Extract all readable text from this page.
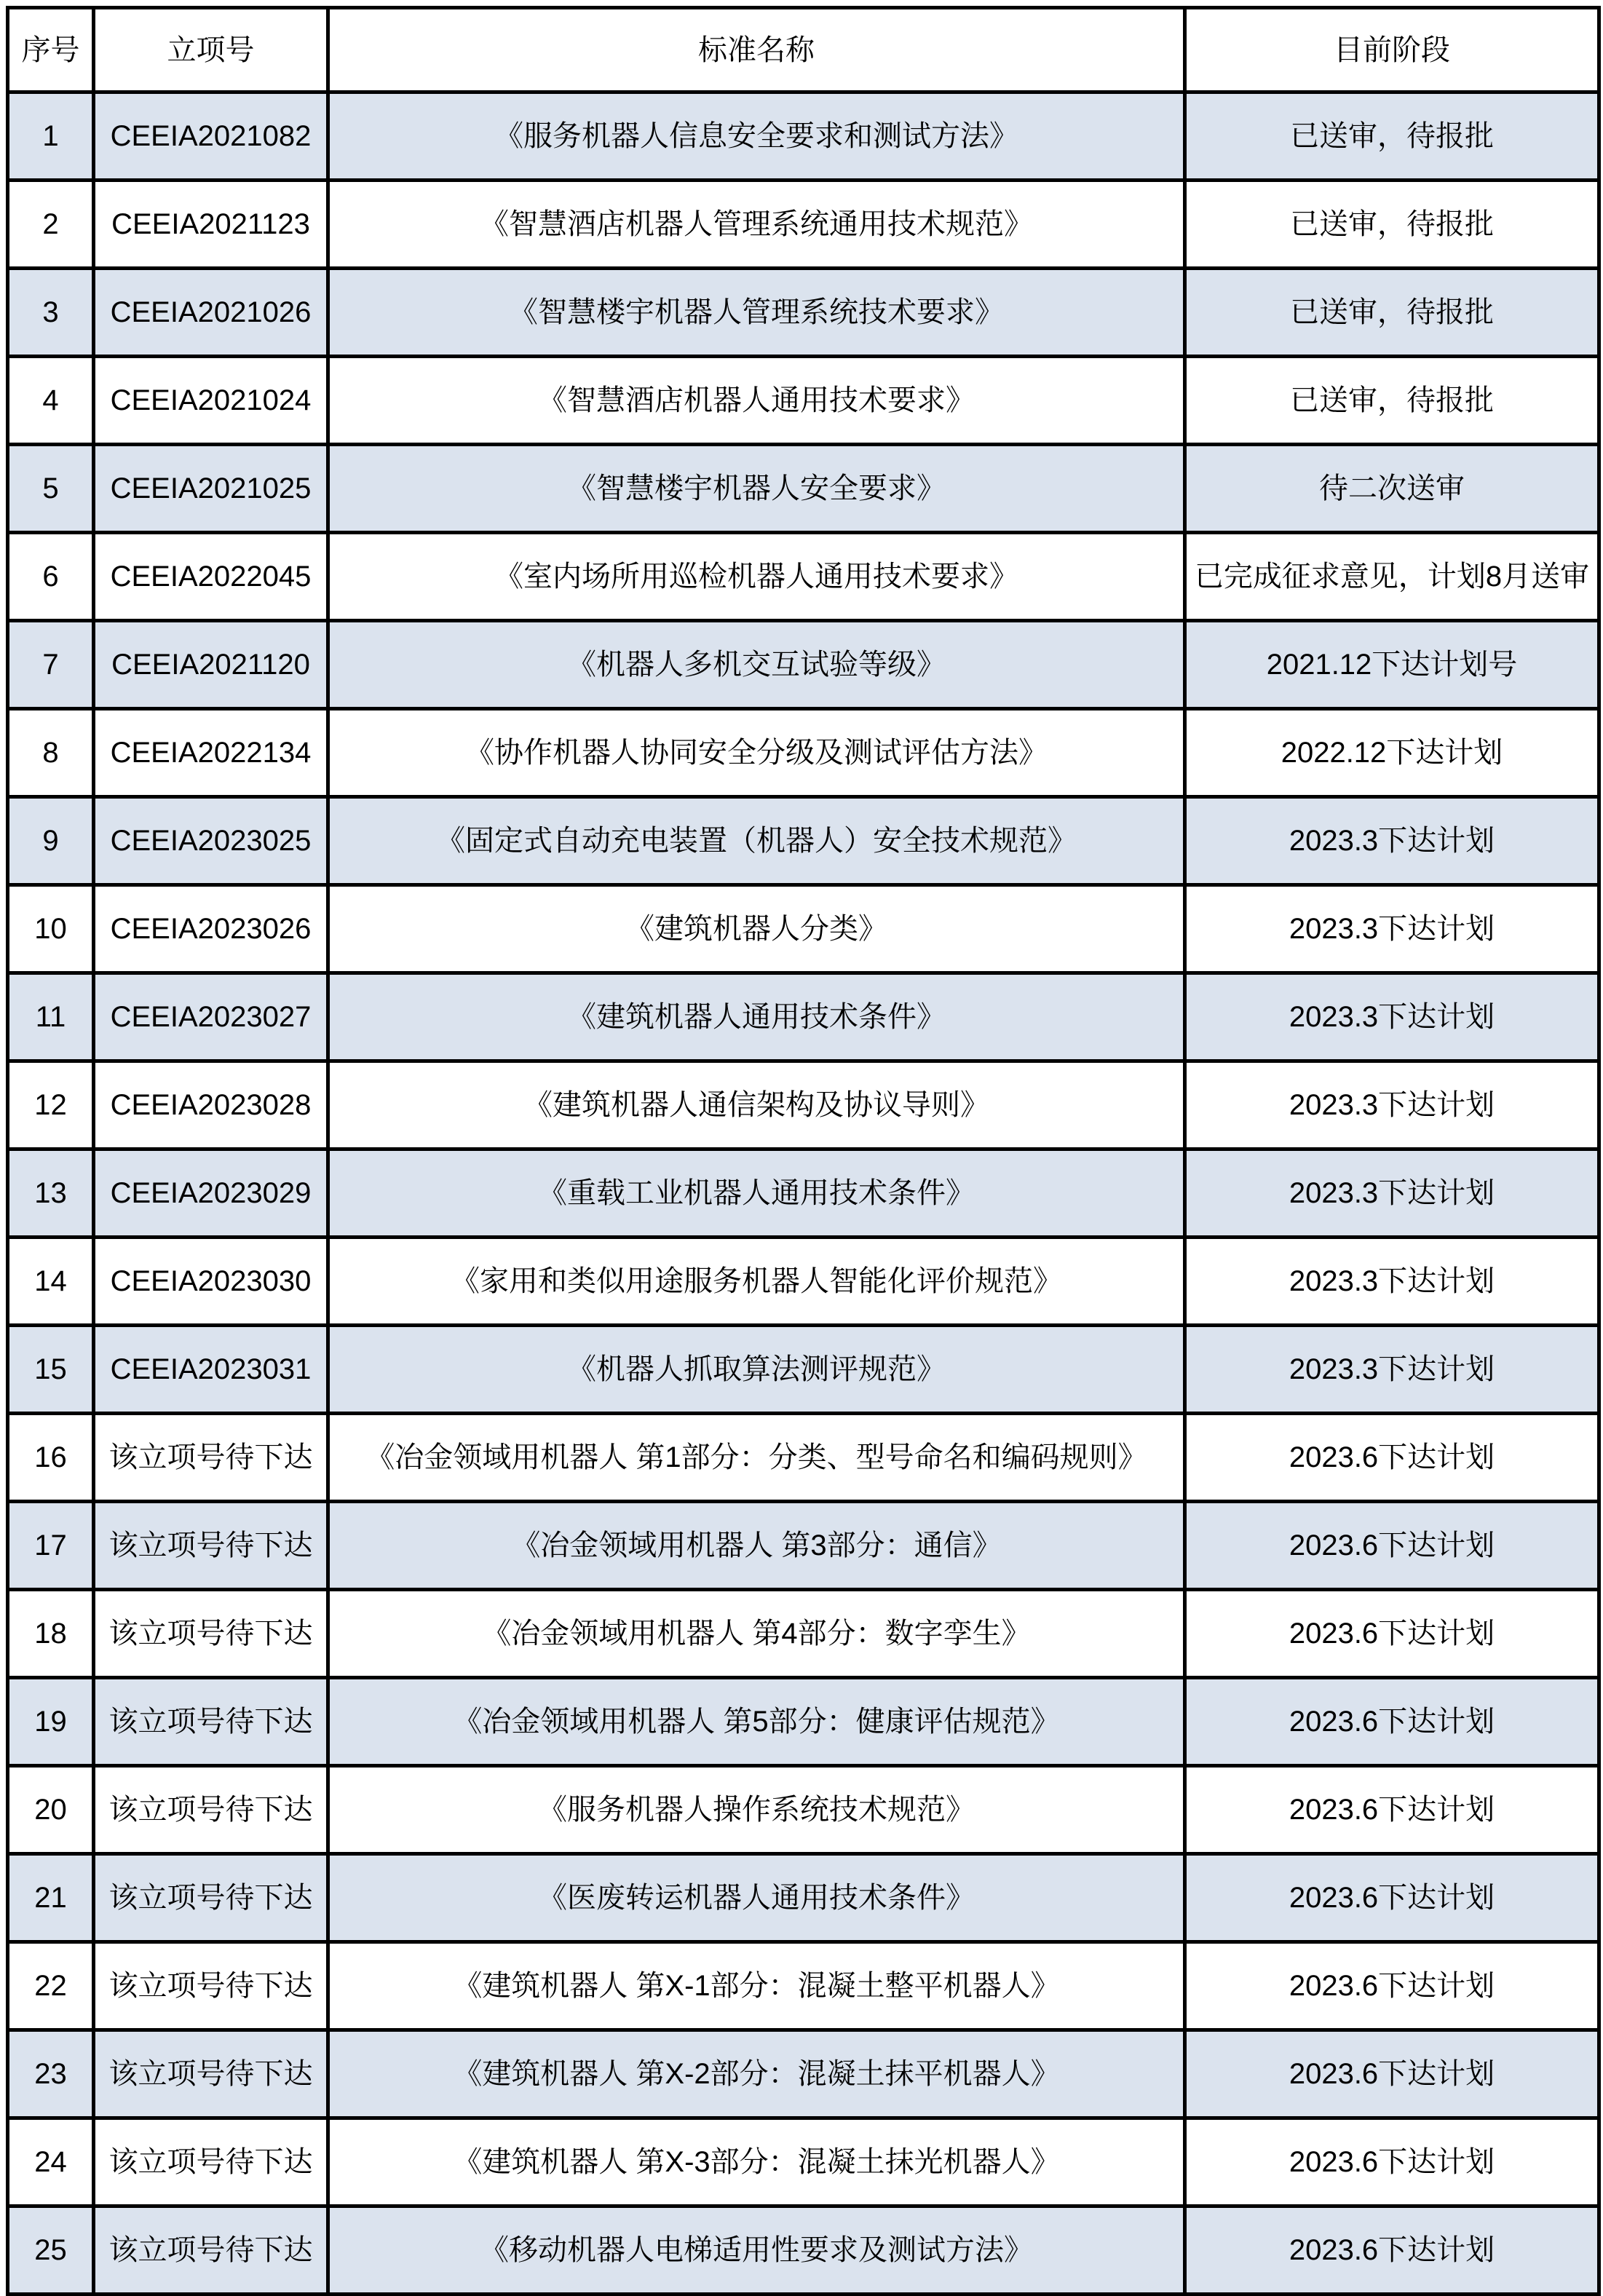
序号	立项号	标准名称	目前阶段
1	CEEIA2021082	《服务机器人信息安全要求和测试方法》	已送审，待报批
2	CEEIA2021123	《智慧酒店机器人管理系统通用技术规范》	已送审，待报批
3	CEEIA2021026	《智慧楼宇机器人管理系统技术要求》	已送审，待报批
4	CEEIA2021024	《智慧酒店机器人通用技术要求》	已送审，待报批
5	CEEIA2021025	《智慧楼宇机器人安全要求》	待二次送审
6	CEEIA2022045	《室内场所用巡检机器人通用技术要求》	已完成征求意见，计划8月送审
7	CEEIA2021120	《机器人多机交互试验等级》	2021.12下达计划号
8	CEEIA2022134	《协作机器人协同安全分级及测试评估方法》	2022.12下达计划
9	CEEIA2023025	《固定式自动充电装置（机器人）安全技术规范》	2023.3下达计划
10	CEEIA2023026	《建筑机器人分类》	2023.3下达计划
11	CEEIA2023027	《建筑机器人通用技术条件》	2023.3下达计划
12	CEEIA2023028	《建筑机器人通信架构及协议导则》	2023.3下达计划
13	CEEIA2023029	《重载工业机器人通用技术条件》	2023.3下达计划
14	CEEIA2023030	《家用和类似用途服务机器人智能化评价规范》	2023.3下达计划
15	CEEIA2023031	《机器人抓取算法测评规范》	2023.3下达计划
16	该立项号待下达	《冶金领域用机器人 第1部分：分类、型号命名和编码规则》	2023.6下达计划
17	该立项号待下达	《冶金领域用机器人 第3部分：通信》	2023.6下达计划
18	该立项号待下达	《冶金领域用机器人 第4部分：数字孪生》	2023.6下达计划
19	该立项号待下达	《冶金领域用机器人 第5部分：健康评估规范》	2023.6下达计划
20	该立项号待下达	《服务机器人操作系统技术规范》	2023.6下达计划
21	该立项号待下达	《医废转运机器人通用技术条件》	2023.6下达计划
22	该立项号待下达	《建筑机器人 第X-1部分：混凝土整平机器人》	2023.6下达计划
23	该立项号待下达	《建筑机器人 第X-2部分：混凝土抹平机器人》	2023.6下达计划
24	该立项号待下达	《建筑机器人 第X-3部分：混凝土抹光机器人》	2023.6下达计划
25	该立项号待下达	《移动机器人电梯适用性要求及测试方法》	2023.6下达计划
